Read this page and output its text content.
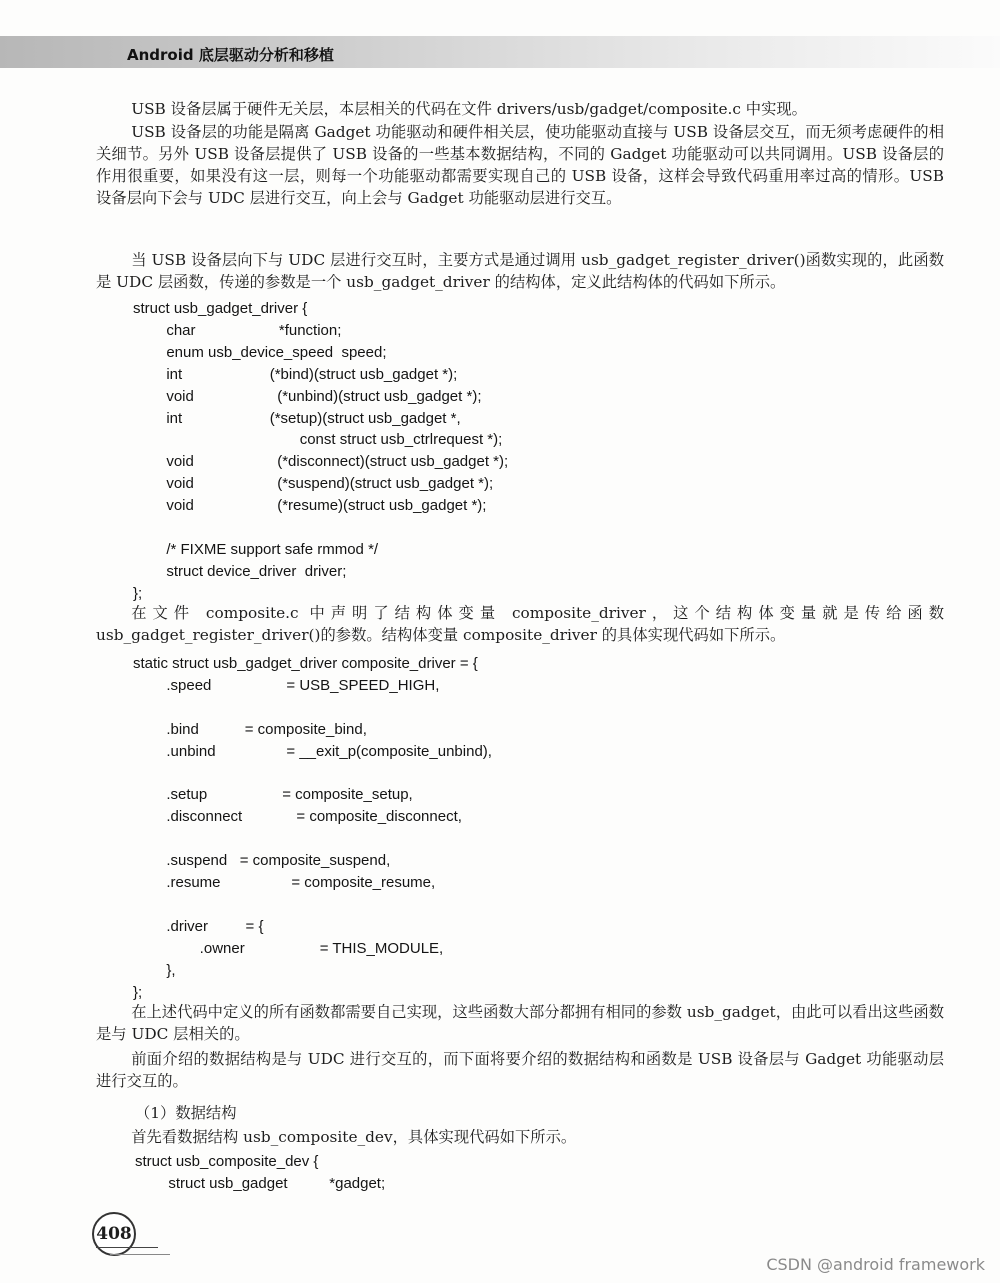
Android 底层驱动分析和移植
USB 设备层属于硬件无关层，本层相关的代码在文件 drivers/usb/gadget/composite.c 中实现。
USB 设备层的功能是隔离 Gadget 功能驱动和硬件相关层，使功能驱动直接与 USB 设备层交互，而无须考虑硬件的相关细节。另外 USB 设备层提供了 USB 设备的一些基本数据结构，不同的 Gadget 功能驱动可以共同调用。USB 设备层的作用很重要，如果没有这一层，则每一个功能驱动都需要实现自己的 USB 设备，这样会导致代码重用率过高的情形。USB 设备层向下会与 UDC 层进行交互，向上会与 Gadget 功能驱动层进行交互。
当 USB 设备层向下与 UDC 层进行交互时，主要方式是通过调用 usb_gadget_register_driver()函数实现的，此函数是 UDC 层函数，传递的参数是一个 usb_gadget_driver 的结构体，定义此结构体的代码如下所示。
struct usb_gadget_driver {
char                    *function;
enum usb_device_speed  speed;
int                     (*bind)(struct usb_gadget *);
void                    (*unbind)(struct usb_gadget *);
int                     (*setup)(struct usb_gadget *,
const struct usb_ctrlrequest *);
void                    (*disconnect)(struct usb_gadget *);
void                    (*suspend)(struct usb_gadget *);
void                    (*resume)(struct usb_gadget *);

/* FIXME support safe rmmod */
struct device_driver  driver;
};
在文件 composite.c 中声明了结构体变量 composite_driver，这个结构体变量就是传给函数 usb_gadget_register_driver()的参数。结构体变量 composite_driver 的具体实现代码如下所示。
static struct usb_gadget_driver composite_driver = {
.speed                  = USB_SPEED_HIGH,

.bind           = composite_bind,
.unbind                 = __exit_p(composite_unbind),

.setup                  = composite_setup,
.disconnect             = composite_disconnect,

.suspend   = composite_suspend,
.resume                 = composite_resume,

.driver         = {
.owner                  = THIS_MODULE,
},
};
在上述代码中定义的所有函数都需要自己实现，这些函数大部分都拥有相同的参数 usb_gadget，由此可以看出这些函数是与 UDC 层相关的。
前面介绍的数据结构是与 UDC 进行交互的，而下面将要介绍的数据结构和函数是 USB 设备层与 Gadget 功能驱动层进行交互的。
（1）数据结构
首先看数据结构 usb_composite_dev，具体实现代码如下所示。
struct usb_composite_dev {
struct usb_gadget          *gadget;
408
CSDN @android framework
